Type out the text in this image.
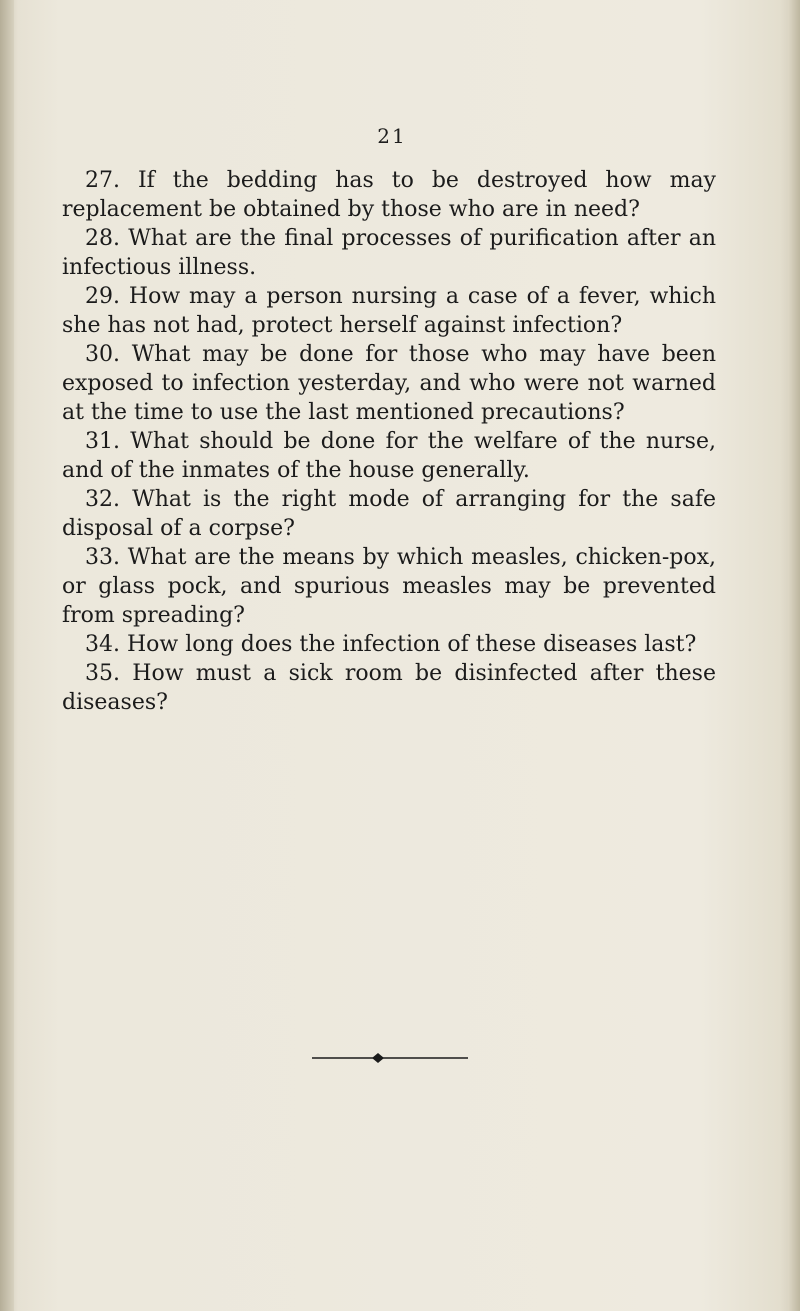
21

27. If the bedding has to be destroyed how may replacement be obtained by those who are in need?

28. What are the final processes of purification after an infectious illness.

29. How may a person nursing a case of a fever, which she has not had, protect herself against infection?

30. What may be done for those who may have been exposed to infection yesterday, and who were not warned at the time to use the last mentioned precautions?

31. What should be done for the welfare of the nurse, and of the inmates of the house generally.

32. What is the right mode of arranging for the safe disposal of a corpse?

33. What are the means by which measles, chicken-pox, or glass pock, and spurious measles may be prevented from spreading?

34. How long does the infection of these diseases last?

35. How must a sick room be disinfected after these diseases?
